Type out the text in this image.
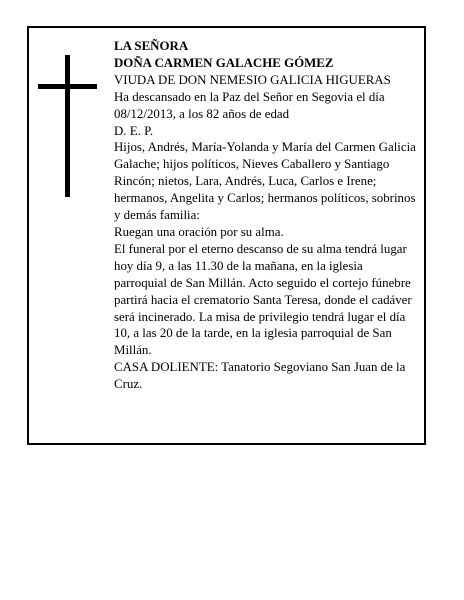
LA SEÑORA

DOÑA CARMEN GALACHE GÓMEZ

VIUDA DE DON NEMESIO GALICIA HIGUERAS

Ha descansado en la Paz del Señor en Segovia el día 08/12/2013, a los 82 años de edad

D. E. P.

Hijos, Andrés, María-Yolanda y María del Carmen Galicia Galache; hijos políticos, Nieves Caballero y Santiago Rincón; nietos, Lara, Andrés, Luca, Carlos e Irene; hermanos, Angelita y Carlos; hermanos políticos, sobrinos y demás familia:

Ruegan una oración por su alma.

El funeral por el eterno descanso de su alma tendrá lugar hoy día 9, a las 11.30 de la mañana, en la iglesia parroquial de San Millán. Acto seguido el cortejo fúnebre partirá hacia el crematorio Santa Teresa, donde el cadáver será incinerado. La misa de privilegio tendrá lugar el día 10, a las 20 de la tarde, en la iglesia parroquial de San Millán.

CASA DOLIENTE: Tanatorio Segoviano San Juan de la Cruz.
